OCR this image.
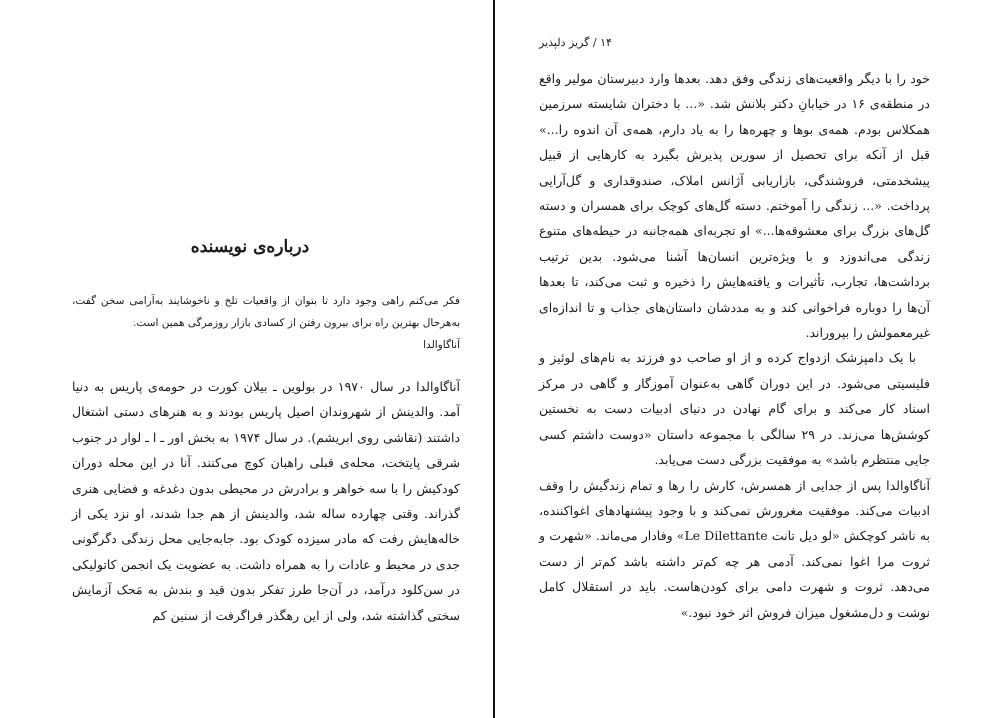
درباره‌ی نویسنده

فکر می‌کنم راهی وجود دارد تا بتوان از واقعیات تلخ و ناخوشایند به‌آرامی سخن گفت، به‌هرحال بهترین راه برای بیرون رفتن از کسادی بازار روزمرگی همین است.

آناگاوالدا

آناگاوالدا در سال ۱۹۷۰ در بولوین ـ بیلان کورت در حومه‌ی پاریس به دنیا آمد. والدینش از شهروندان اصیل پاریس بودند و به هنرهای دستی اشتغال داشتند (نقاشی روی ابریشم). در سال ۱۹۷۴ به بخش اور ـ ا ـ لوار در جنوب شرقی پایتخت، محله‌ی قبلی راهبان کوچ می‌کنند. آنا در این محله دوران کودکیش را با سه خواهر و برادرش در محیطی بدون دغدغه و فضایی هنری گذراند. وقتی چهارده ساله شد، والدینش از هم جدا شدند، او نزد یکی از خاله‌هایش رفت که مادر سیزده کودک بود. جابه‌جایی محل زندگی دگرگونی جدی در محیط و عادات را به همراه داشت. به عضویت یک انجمن کاتولیکی در سن‌کلود درآمد، در آن‌جا طرز تفکر بدون قید و بندش به مَحک آزمایش سختی گذاشته شد، ولی از این رهگذر فراگرفت از سنین کم

۱۴ / گریز دلپذیر

خود را با دیگر واقعیت‌های زندگی وفق دهد. بعدها وارد دبیرستان مولیر واقع در منطقه‌ی ۱۶ در خیابانِ دکتر بلانش شد. «... با دختران شایسته سرزمین همکلاس بودم. همه‌ی بوها و چهره‌ها را به یاد دارم، همه‌ی آن اندوه را...» قبل از آنکه برای تحصیل از سوربن پذیرش بگیرد به کارهایی از قبیل پیشخدمتی، فروشندگی، بازاریابی آژانس املاک، صندوقداری و گل‌آرایی پرداخت. «... زندگی را آموختم. دسته گل‌های کوچک برای همسران و دسته گل‌های بزرگ برای معشوقه‌ها...» او تجربه‌ای همه‌جانبه در حیطه‌های متنوع زندگی می‌اندوزد و با ویژه‌ترین انسان‌ها آشنا می‌شود. بدین ترتیب برداشت‌ها، تجارب، تأثیرات و یافته‌هایش را ذخیره و ثبت می‌کند، تا بعدها آن‌ها را دوباره فراخوانی کند و به مددشان داستان‌های جذاب و تا اندازه‌ای غیرمعمولش را بپروراند.

با یک دامپزشک ازدواج کرده و از او صاحب دو فرزند به نام‌های لوئیز و فلیسیتی می‌شود. در این دوران گاهی به‌عنوان آموزگار و گاهی در مرکز اسناد کار می‌کند و برای گام نهادن در دنیای ادبیات دست به نخستین کوشش‌ها می‌زند. در ۲۹ سالگی با مجموعه داستان «دوست داشتم کسی جایی منتظرم باشد» به موفقیت بزرگی دست می‌یابد.

آناگاوالدا پس از جدایی از همسرش، کارش را رها و تمام زندگیش را وقف ادبیات می‌کند. موفقیت مغرورش نمی‌کند و با وجود پیشنهادهای اغواکننده، به ناشر کوچکش «لو دیل تانت Le Dilettante» وفادار می‌ماند. «شهرت و ثروت مرا اغوا نمی‌کند. آدمی هر چه کم‌تر داشته باشد کم‌تر از دست می‌دهد. ثروت و شهرت دامی برای کودن‌هاست. باید در استقلال کامل نوشت و دل‌مشغول میزان فروش اثر خود نبود.»
